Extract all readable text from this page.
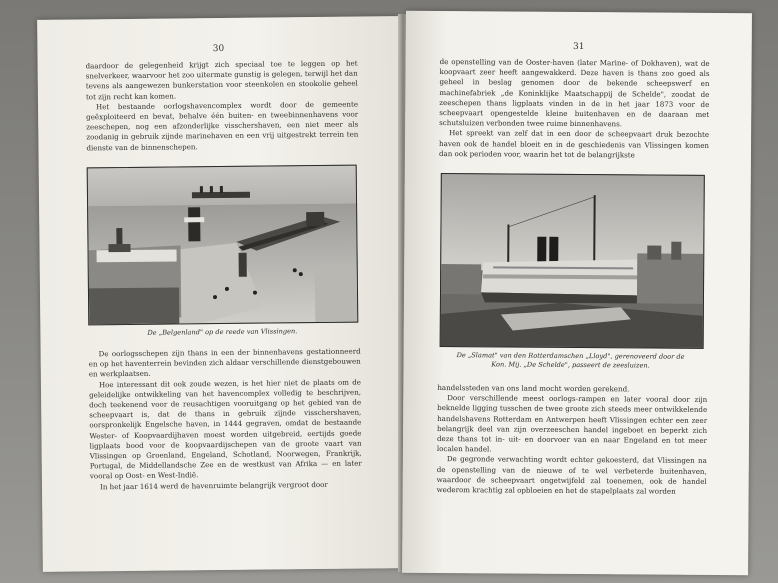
30

daardoor de gelegenheid krijgt zich speciaal toe te leggen op het snelverkeer, waarvoor het zoo uitermate gunstig is gelegen, terwijl het dan tevens als aangewezen bunkerstation voor steenkolen en stookolie geheel tot zijn recht kan komen.

Het bestaande oorlogshavencomplex wordt door de gemeente geëxploiteerd en bevat, behalve één buiten- en tweebinnenhavens voor zeeschepen, nog een afzonderlijke visschershaven, een niet meer als zoodanig in gebruik zijnde marinehaven en een vrij uitgestrekt terrein ten dienste van de binnenschepen.

De „Belgenland" op de reede van Vlissingen.

De oorlogsschepen zijn thans in een der binnenhavens gestationneerd en op het haventerrein bevinden zich aldaar verschillende dienstgebouwen en werkplaatsen.

Hoe interessant dit ook zoude wezen, is het hier niet de plaats om de geleidelijke ontwikkeling van het havencomplex volledig te beschrijven, doch teekenend voor de reusachtigen vooruitgang op het gebied van de scheepvaart is, dat de thans in gebruik zijnde visschershaven, oorspronkelijk Engelsche haven, in 1444 gegraven, omdat de bestaande Wester- of Koopvaardijhaven moest worden uitgebreid, eertijds goede ligplaats bood voor de koopvaardijschepen van de groote vaart van Vlissingen op Groenland, Engeland, Schotland, Noorwegen, Frankrijk, Portugal, de Middellandsche Zee en de westkust van Afrika — en later vooral op Oost- en West-Indië.

In het jaar 1614 werd de havenruimte belangrijk vergroot door

31

de openstelling van de Ooster-haven (later Marine- of Dokhaven), wat de koopvaart zeer heeft aangewakkerd. Deze haven is thans zoo goed als geheel in beslag genomen door de bekende scheepswerf en machinefabriek „de Koninklijke Maatschappij de Schelde", zoodat de zeeschepen thans ligplaats vinden in de in het jaar 1873 voor de scheepvaart opengestelde kleine buitenhaven en de daaraan met schutsluizen verbonden twee ruime binnenhavens.

Het spreekt van zelf dat in een door de scheepvaart druk bezochte haven ook de handel bloeit en in de geschiedenis van Vlissingen komen dan ook perioden voor, waarin het tot de belangrijkste

De „Slamat" van den Rotterdamschen „Lloyd", gerenoveerd door de
Kon. Mij. „De Schelde", passeert de zeesluizen.

handelssteden van ons land mocht worden gerekend.

Door verschillende meest oorlogs-rampen en later vooral door zijn beknelde ligging tusschen de twee groote zich steeds meer ontwikkelende handelshavens Rotterdam en Antwerpen heeft Vlissingen echter een zeer belangrijk deel van zijn overzeeschen handel ingeboet en beperkt zich deze thans tot in- uit- en doorvoer van en naar Engeland en tot meer localen handel.

De gegronde verwachting wordt echter gekoesterd, dat Vlissingen na de openstelling van de nieuwe of te wel verbeterde buitenhaven, waardoor de scheepvaart ongetwijfeld zal toenemen, ook de handel wederom krachtig zal opbloeien en het de stapelplaats zal worden
